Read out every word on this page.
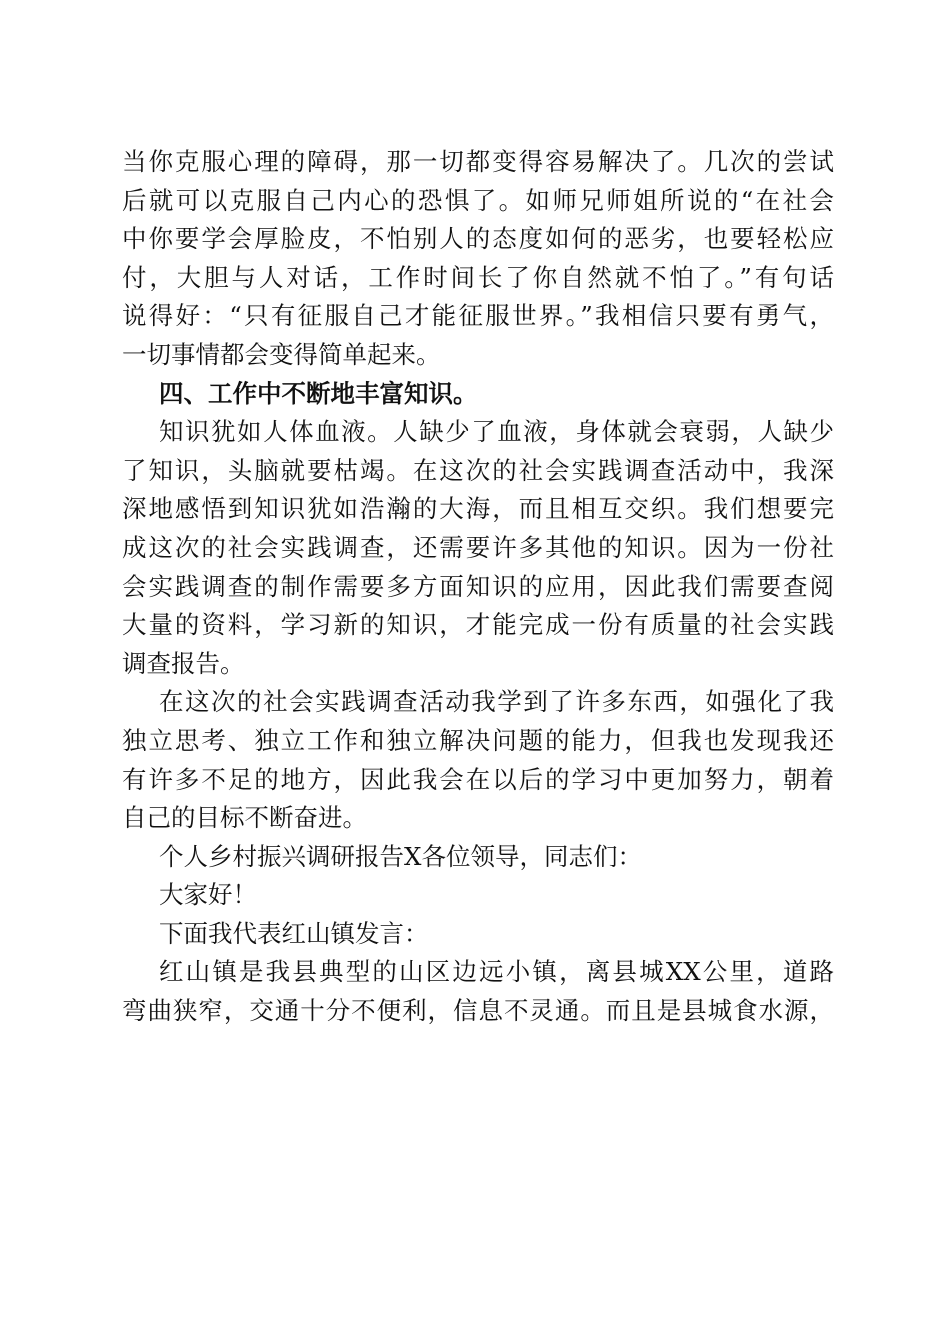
当你克服心理的障碍，那一切都变得容易解决了。几次的尝试
后就可以克服自己内心的恐惧了。如师兄师姐所说的“在社会
中你要学会厚脸皮，不怕别人的态度如何的恶劣，也要轻松应
付，大胆与人对话，工作时间长了你自然就不怕了。”有句话
说得好：“只有征服自己才能征服世界。”我相信只要有勇气，
一切事情都会变得简单起来。
四、工作中不断地丰富知识。
知识犹如人体血液。人缺少了血液，身体就会衰弱，人缺少
了知识，头脑就要枯竭。在这次的社会实践调查活动中，我深
深地感悟到知识犹如浩瀚的大海，而且相互交织。我们想要完
成这次的社会实践调查，还需要许多其他的知识。因为一份社
会实践调查的制作需要多方面知识的应用，因此我们需要查阅
大量的资料，学习新的知识，才能完成一份有质量的社会实践
调查报告。
在这次的社会实践调查活动我学到了许多东西，如强化了我
独立思考、独立工作和独立解决问题的能力，但我也发现我还
有许多不足的地方，因此我会在以后的学习中更加努力，朝着
自己的目标不断奋进。
个人乡村振兴调研报告X各位领导，同志们：
大家好！
下面我代表红山镇发言：
红山镇是我县典型的山区边远小镇，离县城XX公里，道路
弯曲狭窄，交通十分不便利，信息不灵通。而且是县城食水源，
